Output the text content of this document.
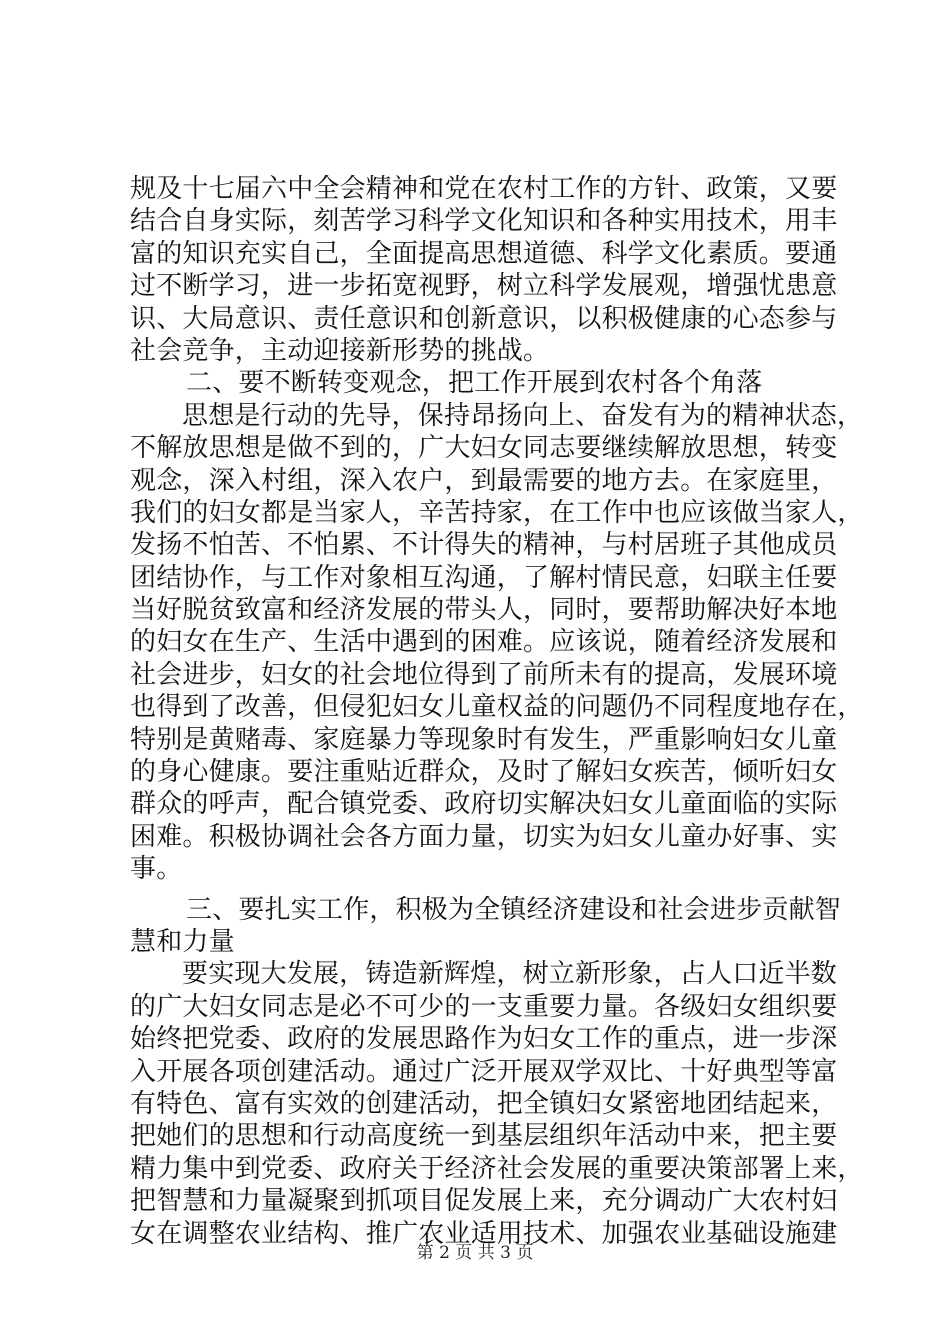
规及十七届六中全会精神和党在农村工作的方针、政策，又要
结合自身实际，刻苦学习科学文化知识和各种实用技术，用丰
富的知识充实自己，全面提高思想道德、科学文化素质。要通
过不断学习，进一步拓宽视野，树立科学发展观，增强忧患意
识、大局意识、责任意识和创新意识，以积极健康的心态参与
社会竞争，主动迎接新形势的挑战。
二、要不断转变观念，把工作开展到农村各个角落
思想是行动的先导，保持昂扬向上、奋发有为的精神状态，
不解放思想是做不到的，广大妇女同志要继续解放思想，转变
观念，深入村组，深入农户，到最需要的地方去。在家庭里，
我们的妇女都是当家人，辛苦持家，在工作中也应该做当家人，
发扬不怕苦、不怕累、不计得失的精神，与村居班子其他成员
团结协作，与工作对象相互沟通，了解村情民意，妇联主任要
当好脱贫致富和经济发展的带头人，同时，要帮助解决好本地
的妇女在生产、生活中遇到的困难。应该说，随着经济发展和
社会进步，妇女的社会地位得到了前所未有的提高，发展环境
也得到了改善，但侵犯妇女儿童权益的问题仍不同程度地存在，
特别是黄赌毒、家庭暴力等现象时有发生，严重影响妇女儿童
的身心健康。要注重贴近群众，及时了解妇女疾苦，倾听妇女
群众的呼声，配合镇党委、政府切实解决妇女儿童面临的实际
困难。积极协调社会各方面力量，切实为妇女儿童办好事、实
事。
三、要扎实工作，积极为全镇经济建设和社会进步贡献智
慧和力量
要实现大发展，铸造新辉煌，树立新形象，占人口近半数
的广大妇女同志是必不可少的一支重要力量。各级妇女组织要
始终把党委、政府的发展思路作为妇女工作的重点，进一步深
入开展各项创建活动。通过广泛开展双学双比、十好典型等富
有特色、富有实效的创建活动，把全镇妇女紧密地团结起来，
把她们的思想和行动高度统一到基层组织年活动中来，把主要
精力集中到党委、政府关于经济社会发展的重要决策部署上来，
把智慧和力量凝聚到抓项目促发展上来，充分调动广大农村妇
女在调整农业结构、推广农业适用技术、加强农业基础设施建
第 2 页 共 3 页
